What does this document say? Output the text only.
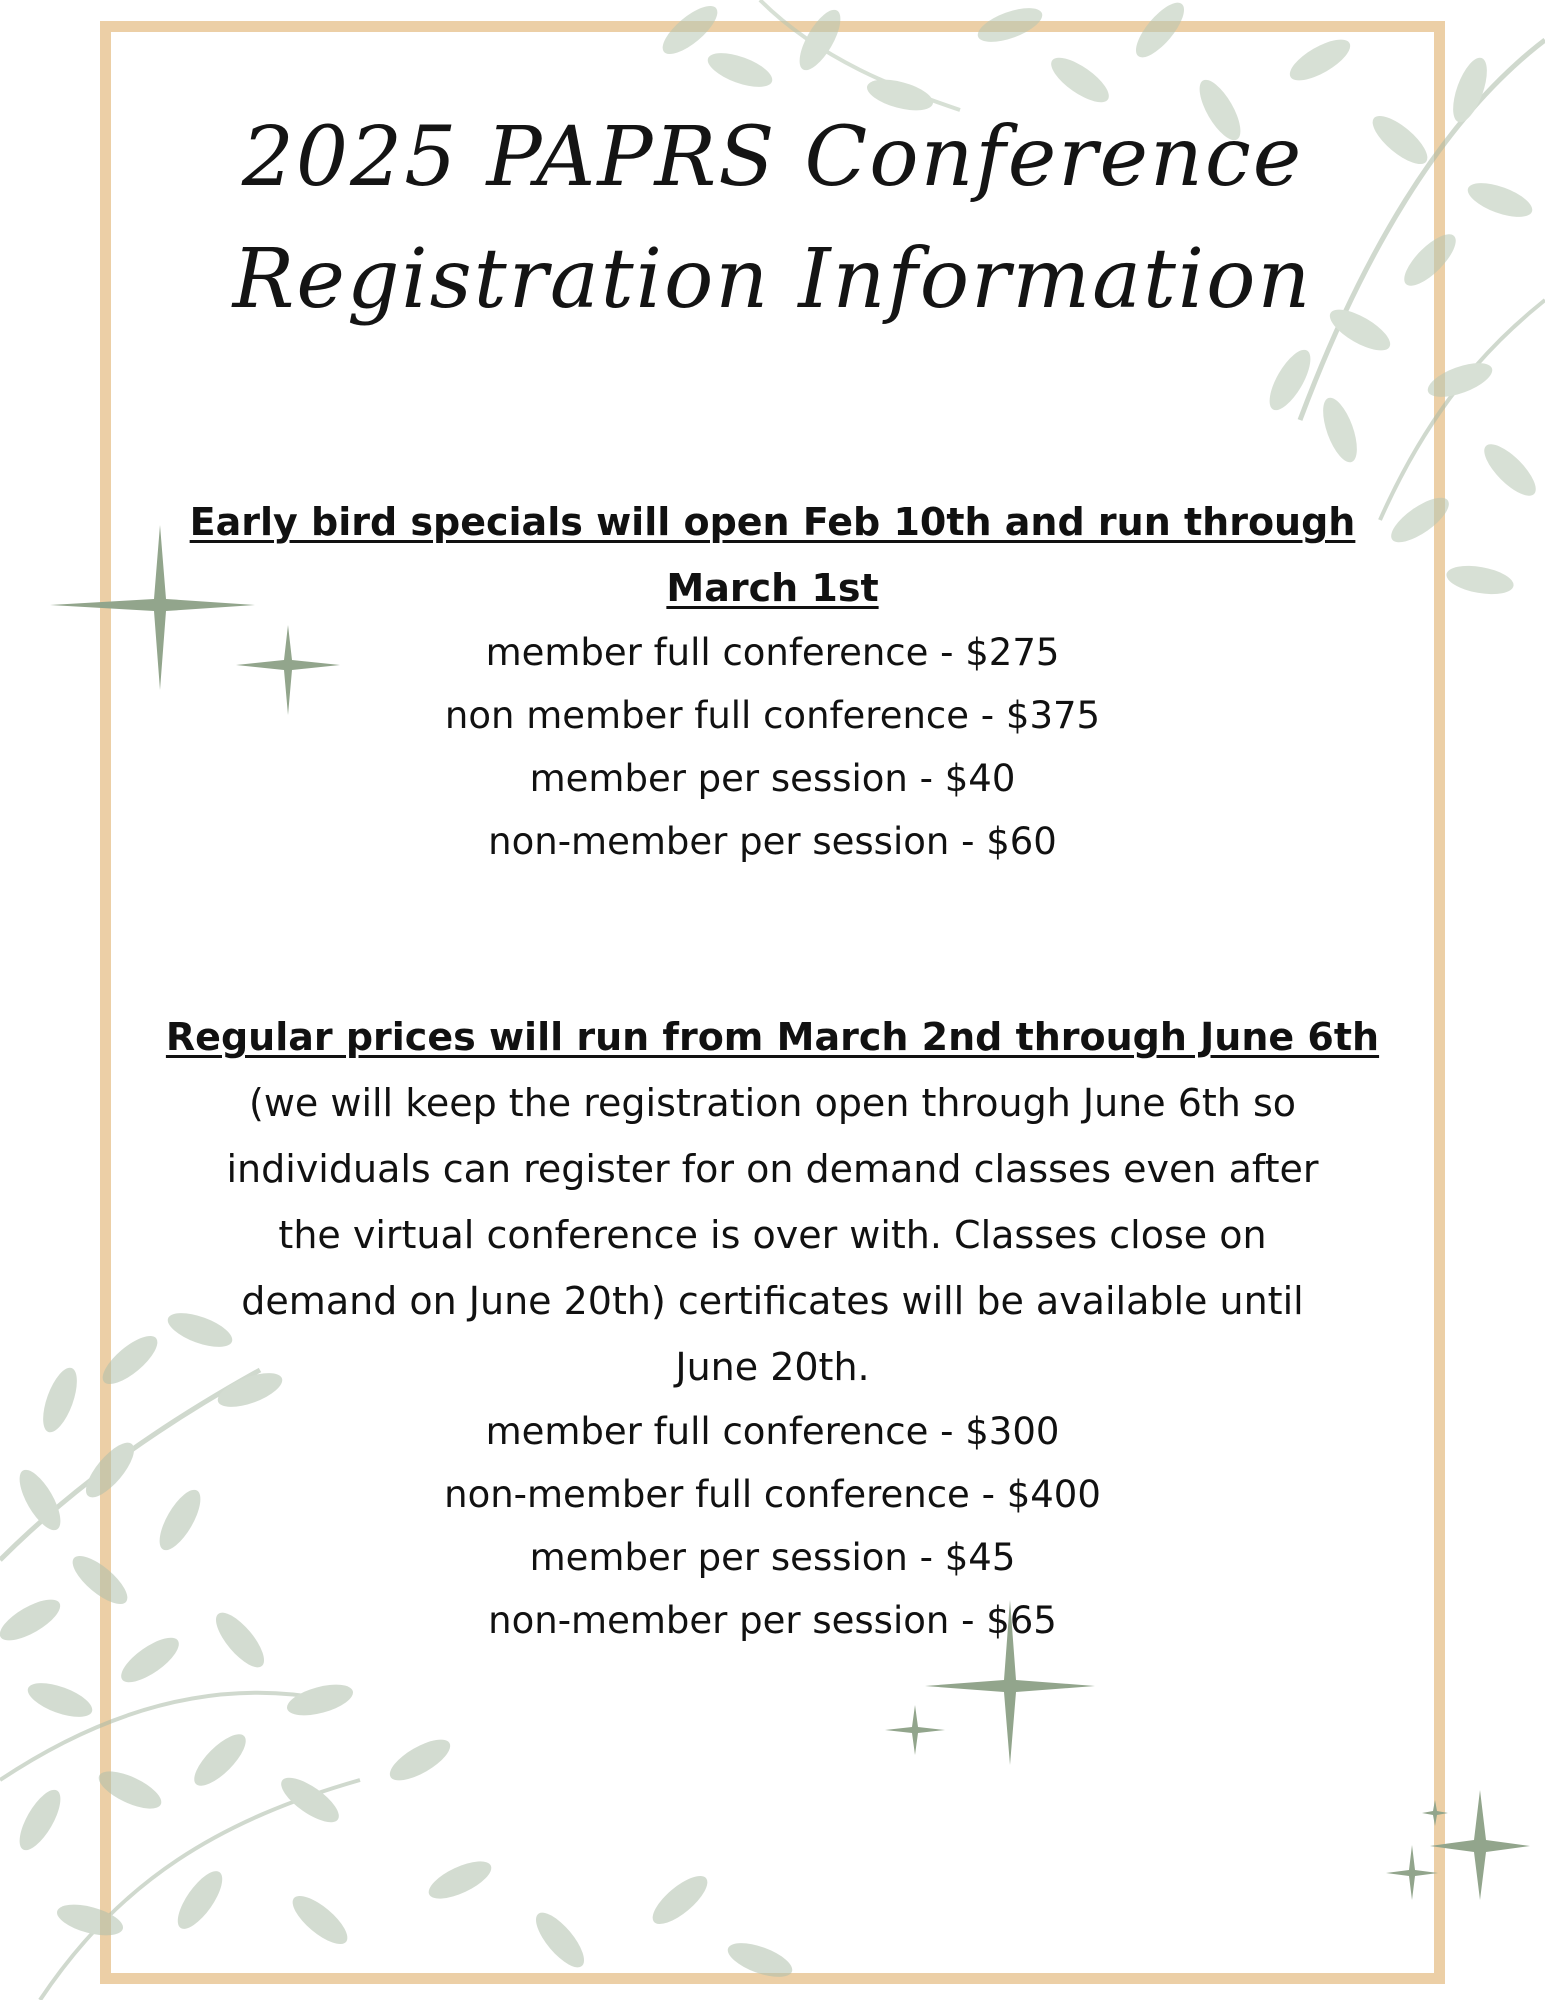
2025 PAPRS Conference
Registration Information
Early bird specials will open Feb 10th and run through
March 1st
member full conference - $275
non member full conference - $375
member per session - $40
non-member per session - $60
Regular prices will run from March 2nd through June 6th
(we will keep the registration open through June 6th so
individuals can register for on demand classes even after
the virtual conference is over with. Classes close on
demand on June 20th) certificates will be available until
June 20th.
member full conference - $300
non-member full conference - $400
member per session - $45
non-member per session - $65
